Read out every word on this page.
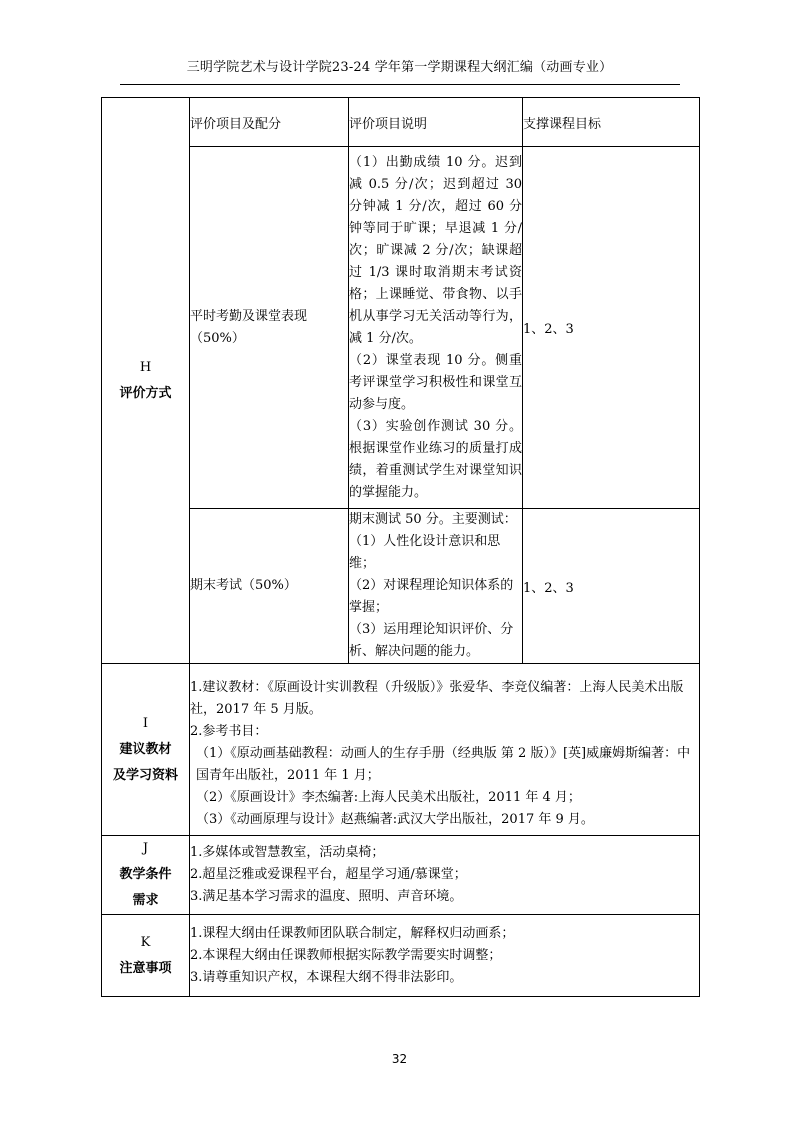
三明学院艺术与设计学院23-24 学年第一学期课程大纲汇编（动画专业）
H
评价方式	评价项目及配分	评价项目说明	支撑课程目标
	平时考勤及课堂表现（50%）	（1）出勤成绩 10 分。迟到减 0.5 分/次；迟到超过 30 分钟减 1 分/次，超过 60 分钟等同于旷课；早退减 1 分/次；旷课减 2 分/次；缺课超过 1/3 课时取消期末考试资格；上课睡觉、带食物、以手机从事学习无关活动等行为，减 1 分/次。
（2）课堂表现 10 分。侧重考评课堂学习积极性和课堂互动参与度。
（3）实验创作测试 30 分。根据课堂作业练习的质量打成绩，着重测试学生对课堂知识的掌握能力。	1、2、3
	期末考试（50%）	期末测试 50 分。主要测试：
（1）人性化设计意识和思维；
（2）对课程理论知识体系的掌握；
（3）运用理论知识评价、分析、解决问题的能力。	1、2、3

I
建议教材
及学习资料	1.建议教材：《原画设计实训教程（升级版）》张爱华、李竞仪编著：上海人民美术出版社，2017 年 5 月版。
2.参考书目：
（1）《原动画基础教程：动画人的生存手册（经典版 第 2 版）》[英]威廉姆斯编著：中国青年出版社，2011 年 1 月；
（2）《原画设计》李杰编著:上海人民美术出版社，2011 年 4 月；
（3）《动画原理与设计》赵燕编著:武汉大学出版社，2017 年 9 月。		

J
教学条件
需求	1.多媒体或智慧教室，活动桌椅；
2.超星泛雅或爱课程平台，超星学习通/慕课堂；
3.满足基本学习需求的温度、照明、声音环境。		

K
注意事项	1.课程大纲由任课教师团队联合制定，解释权归动画系；
2.本课程大纲由任课教师根据实际教学需要实时调整；
3.请尊重知识产权，本课程大纲不得非法影印。		
32
